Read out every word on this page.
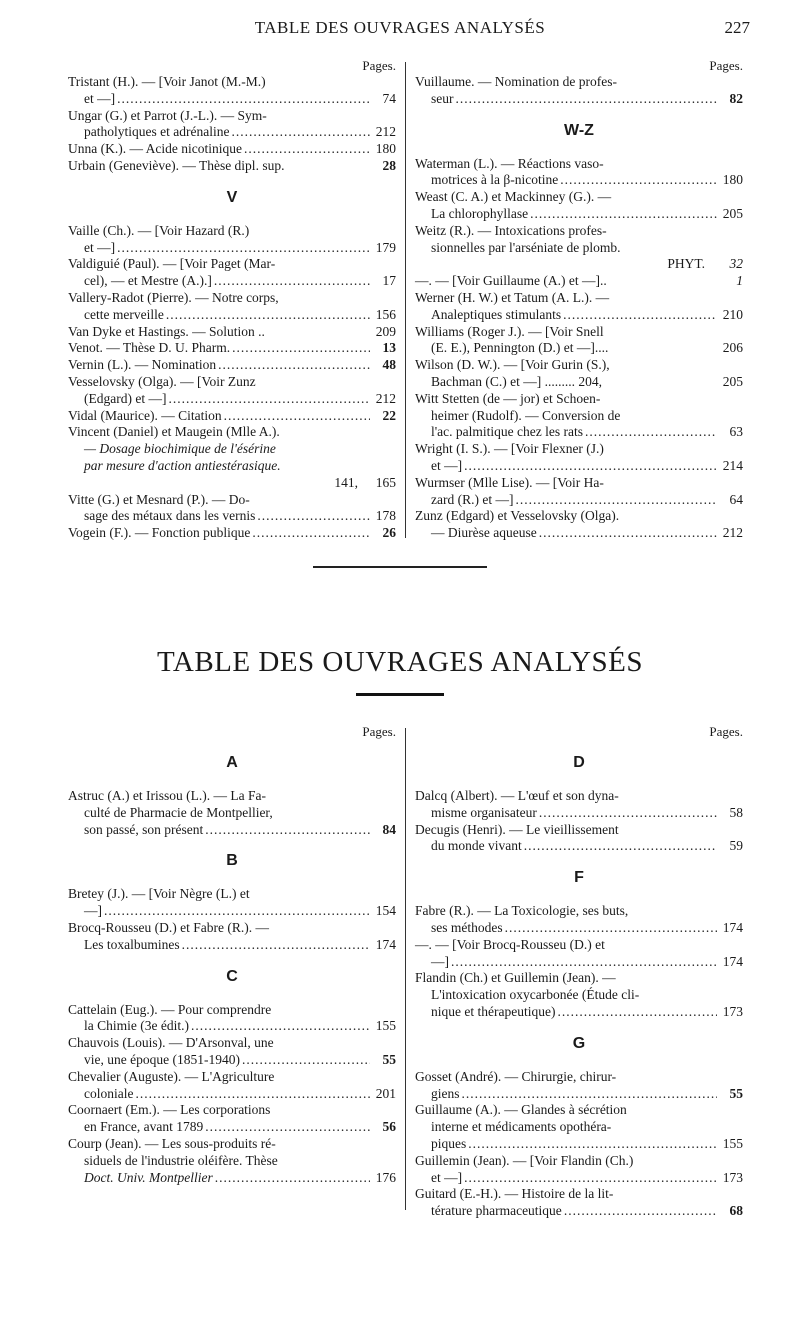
TABLE DES OUVRAGES ANALYSÉS	227
Pages.
Tristant (H.). — [Voir Janot (M.-M.)
et —] .....	74
Ungar (G.) et Parrot (J.-L.). — Sym-
patholytiques et adrénaline .....	212
Unna (K.). — Acide nicotinique .....	180
Urbain (Geneviève). — Thèse dipl. sup.	28
V
Vaille (Ch.). — [Voir Hazard (R.)
et —] .....	179
Valdiguié (Paul). — [Voir Paget (Mar-
cel), — et Mestre (A.).] .....	17
Vallery-Radot (Pierre). — Notre corps,
cette merveille .....	156
Van Dyke et Hastings. — Solution ..	209
Venot. — Thèse D. U. Pharm. .....	13
Vernin (L.). — Nomination .....	48
Vesselovsky (Olga). — [Voir Zunz
(Edgard) et —] .....	212
Vidal (Maurice). — Citation .....	22
Vincent (Daniel) et Maugein (Mlle A.).
— Dosage biochimique de l'ésérine
par mesure d'action antiestérasique.
141, 165
Vitte (G.) et Mesnard (P.). — Do-
sage des métaux dans les vernis .....	178
Vogein (F.). — Fonction publique .....	26
Pages.
Vuillaume. — Nomination de profes-
seur .....	82
W-Z
Waterman (L.). — Réactions vaso-
motrices à la β-nicotine .....	180
Weast (C. A.) et Mackinney (G.). —
La chlorophyllase .....	205
Weitz (R.). — Intoxications profes-
sionnelles par l'arséniate de plomb.
PHYT.	32
—. — [Voir Guillaume (A.) et —]..	1
Werner (H. W.) et Tatum (A. L.). —
Analeptiques stimulants .....	210
Williams (Roger J.). — [Voir Snell
(E. E.), Pennington (D.) et —]....	206
Wilson (D. W.). — [Voir Gurin (S.),
Bachman (C.) et —] ......... 204,	205
Witt Stetten (de — jor) et Schoen-
heimer (Rudolf). — Conversion de
l'ac. palmitique chez les rats .....	63
Wright (I. S.). — [Voir Flexner (J.)
et —] .....	214
Wurmser (Mlle Lise). — [Voir Ha-
zard (R.) et —] .....	64
Zunz (Edgard) et Vesselovsky (Olga).
— Diurèse aqueuse .....	212
TABLE DES OUVRAGES ANALYSÉS
Pages.
A
Astruc (A.) et Irissou (L.). — La Fa-
culté de Pharmacie de Montpellier,
son passé, son présent .....	84
B
Bretey (J.). — [Voir Nègre (L.) et
—] .....	154
Brocq-Rousseu (D.) et Fabre (R.). —
Les toxalbumines .....	174
C
Cattelain (Eug.). — Pour comprendre
la Chimie (3e édit.) .....	155
Chauvois (Louis). — D'Arsonval, une
vie, une époque (1851-1940) .....	55
Chevalier (Auguste). — L'Agriculture
coloniale .....	201
Coornaert (Em.). — Les corporations
en France, avant 1789 .....	56
Courp (Jean). — Les sous-produits ré-
siduels de l'industrie oléifère. Thèse
Doct. Univ. Montpellier .....	176
Pages.
D
Dalcq (Albert). — L'œuf et son dyna-
misme organisateur .....	58
Decugis (Henri). — Le vieillissement
du monde vivant .....	59
F
Fabre (R.). — La Toxicologie, ses buts,
ses méthodes .....	174
—. — [Voir Brocq-Rousseu (D.) et
—] .....	174
Flandin (Ch.) et Guillemin (Jean). —
L'intoxication oxycarbonée (Étude cli-
nique et thérapeutique) .....	173
G
Gosset (André). — Chirurgie, chirur-
giens .....	55
Guillaume (A.). — Glandes à sécrétion
interne et médicaments opothéra-
piques .....	155
Guillemin (Jean). — [Voir Flandin (Ch.)
et —] .....	173
Guitard (E.-H.). — Histoire de la lit-
térature pharmaceutique .....	68
